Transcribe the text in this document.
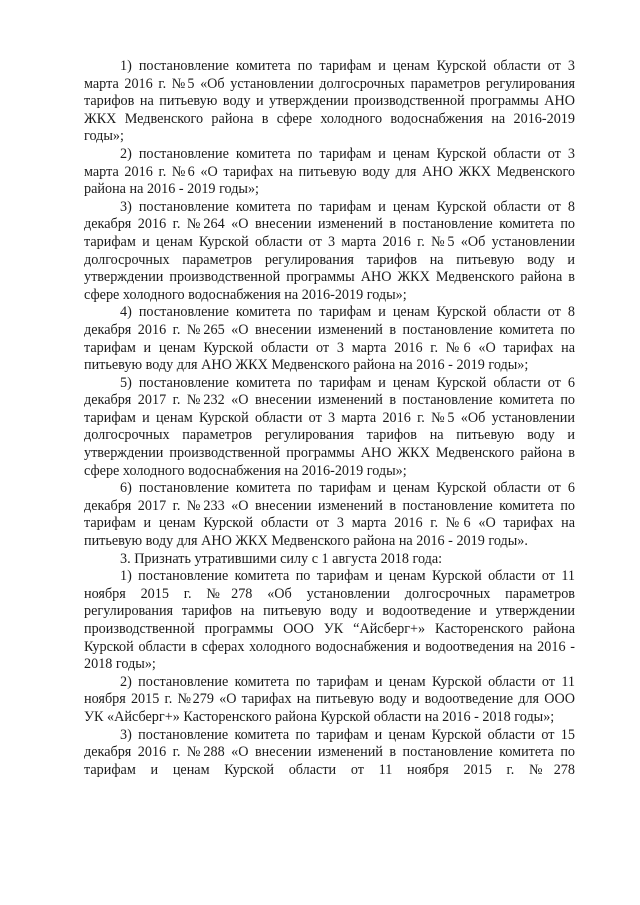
1) постановление комитета по тарифам и ценам Курской области от 3 марта 2016 г. №5 «Об установлении долгосрочных параметров регулирования тарифов на питьевую воду и утверждении производственной программы АНО ЖКХ Медвенского района в сфере холодного водоснабжения на 2016-2019 годы»;

2) постановление комитета по тарифам и ценам Курской области от 3 марта 2016 г. №6 «О тарифах на питьевую воду для АНО ЖКХ Медвенского района на 2016 - 2019 годы»;

3) постановление комитета по тарифам и ценам Курской области от 8 декабря 2016 г. №264 «О внесении изменений в постановление комитета по тарифам и ценам Курской области от 3 марта 2016 г. №5 «Об установлении долгосрочных параметров регулирования тарифов на питьевую воду и утверждении производственной программы АНО ЖКХ Медвенского района в сфере холодного водоснабжения на 2016-2019 годы»;

4) постановление комитета по тарифам и ценам Курской области от 8 декабря 2016 г. №265 «О внесении изменений в постановление комитета по тарифам и ценам Курской области от 3 марта 2016 г. №6 «О тарифах на питьевую воду для АНО ЖКХ Медвенского района на 2016 - 2019 годы»;

5) постановление комитета по тарифам и ценам Курской области от 6 декабря 2017 г. №232 «О внесении изменений в постановление комитета по тарифам и ценам Курской области от 3 марта 2016 г. №5 «Об установлении долгосрочных параметров регулирования тарифов на питьевую воду и утверждении производственной программы АНО ЖКХ Медвенского района в сфере холодного водоснабжения на 2016-2019 годы»;

6) постановление комитета по тарифам и ценам Курской области от 6 декабря 2017 г. №233 «О внесении изменений в постановление комитета по тарифам и ценам Курской области от 3 марта 2016 г. №6 «О тарифах на питьевую воду для АНО ЖКХ Медвенского района на 2016 - 2019 годы».

3. Признать утратившими силу с 1 августа 2018 года:

1) постановление комитета по тарифам и ценам Курской области от 11 ноября 2015 г. №278 «Об установлении долгосрочных параметров регулирования тарифов на питьевую воду и водоотведение и утверждении производственной программы ООО УК “Айсберг+» Касторенского района Курской области в сферах холодного водоснабжения и водоотведения на 2016 - 2018 годы»;

2) постановление комитета по тарифам и ценам Курской области от 11 ноября 2015 г. №279 «О тарифах на питьевую воду и водоотведение для ООО УК «Айсберг+» Касторенского района Курской области на 2016 - 2018 годы»;

3) постановление комитета по тарифам и ценам Курской области от 15 декабря 2016 г. №288 «О внесении изменений в постановление комитета по тарифам и ценам Курской области от 11 ноября 2015 г. №278
